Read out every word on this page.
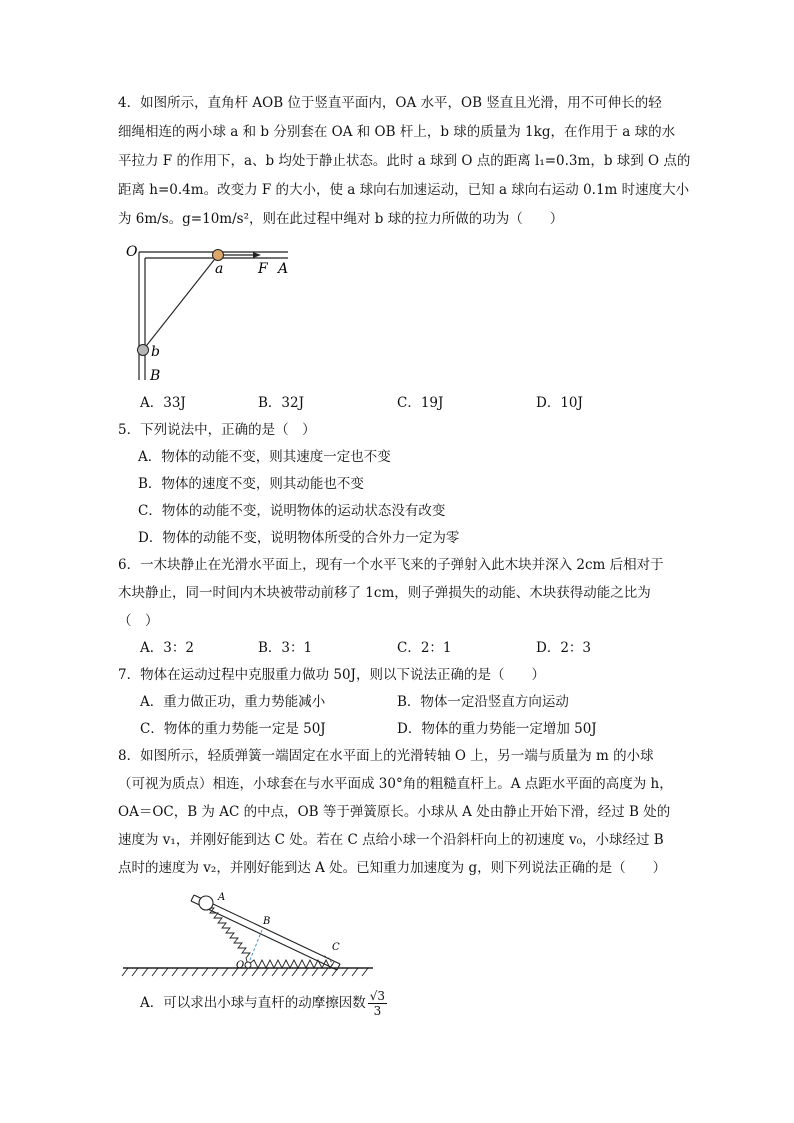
4．如图所示，直角杆 AOB 位于竖直平面内，OA 水平，OB 竖直且光滑，用不可伸长的轻
细绳相连的两小球 a 和 b 分别套在 OA 和 OB 杆上，b 球的质量为 1kg，在作用于 a 球的水
平拉力 F 的作用下，a、b 均处于静止状态。此时 a 球到 O 点的距离 l₁=0.3m，b 球到 O 点的
距离 h=0.4m。改变力 F 的大小，使 a 球向右加速运动，已知 a 球向右运动 0.1m 时速度大小
为 6m/s。g=10m/s²，则在此过程中绳对 b 球的拉力所做的功为（　　）
O
a F A
b
B
A．33J	B．32J	C．19J	D．10J
5．下列说法中，正确的是（　）
A．物体的动能不变，则其速度一定也不变
B．物体的速度不变，则其动能也不变
C．物体的动能不变，说明物体的运动状态没有改变
D．物体的动能不变，说明物体所受的合外力一定为零
6．一木块静止在光滑水平面上，现有一个水平飞来的子弹射入此木块并深入 2cm 后相对于
木块静止，同一时间内木块被带动前移了 1cm，则子弹损失的动能、木块获得动能之比为
（　）
A．3：2	B．3：1	C．2：1	D．2：3
7．物体在运动过程中克服重力做功 50J，则以下说法正确的是（　　）
A．重力做正功，重力势能减小	B．物体一定沿竖直方向运动
C．物体的重力势能一定是 50J	D．物体的重力势能一定增加 50J
8．如图所示，轻质弹簧一端固定在水平面上的光滑转轴 O 上，另一端与质量为 m 的小球
（可视为质点）相连，小球套在与水平面成 30°角的粗糙直杆上。A 点距水平面的高度为 h，
OA＝OC，B 为 AC 的中点，OB 等于弹簧原长。小球从 A 处由静止开始下滑，经过 B 处的
速度为 v₁，并刚好能到达 C 处。若在 C 点给小球一个沿斜杆向上的初速度 v₀，小球经过 B
点时的速度为 v₂，并刚好能到达 A 处。已知重力加速度为 g，则下列说法正确的是（　　）
A
B
C
O
A．可以求出小球与直杆的动摩擦因数 $\frac{√3}{3}$
